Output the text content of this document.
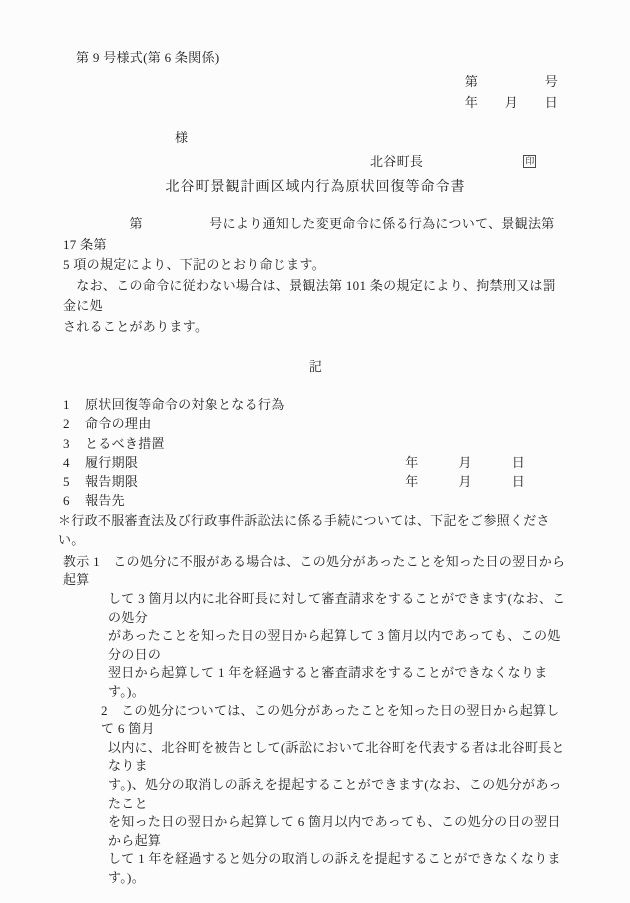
第 9 号様式(第 6 条関係)
第　　　　　号
年　　月　　日
様
北谷町長	印
北谷町景観計画区域内行為原状回復等命令書
　　　　　第　　　　　号により通知した変更命令に係る行為について、景観法第 17 条第
5 項の規定により、下記のとおり命じます。
　なお、この命令に従わない場合は、景観法第 101 条の規定により、拘禁刑又は罰金に処
されることがあります。
記
1	原状回復等命令の対象となる行為
2	命令の理由
3	とるべき措置
4	履行期限	年　　　月　　　日
5	報告期限	年　　　月　　　日
6	報告先
＊行政不服審査法及び行政事件訴訟法に係る手続については、下記をご参照ください。
教示 1　この処分に不服がある場合は、この処分があったことを知った日の翌日から起算
して 3 箇月以内に北谷町長に対して審査請求をすることができます(なお、この処分
があったことを知った日の翌日から起算して 3 箇月以内であっても、この処分の日の
翌日から起算して 1 年を経過すると審査請求をすることができなくなります。)。
2　この処分については、この処分があったことを知った日の翌日から起算して 6 箇月
以内に、北谷町を被告として(訴訟において北谷町を代表する者は北谷町長となりま
す。)、処分の取消しの訴えを提起することができます(なお、この処分があったこと
を知った日の翌日から起算して 6 箇月以内であっても、この処分の日の翌日から起算
して 1 年を経過すると処分の取消しの訴えを提起することができなくなります。)。
